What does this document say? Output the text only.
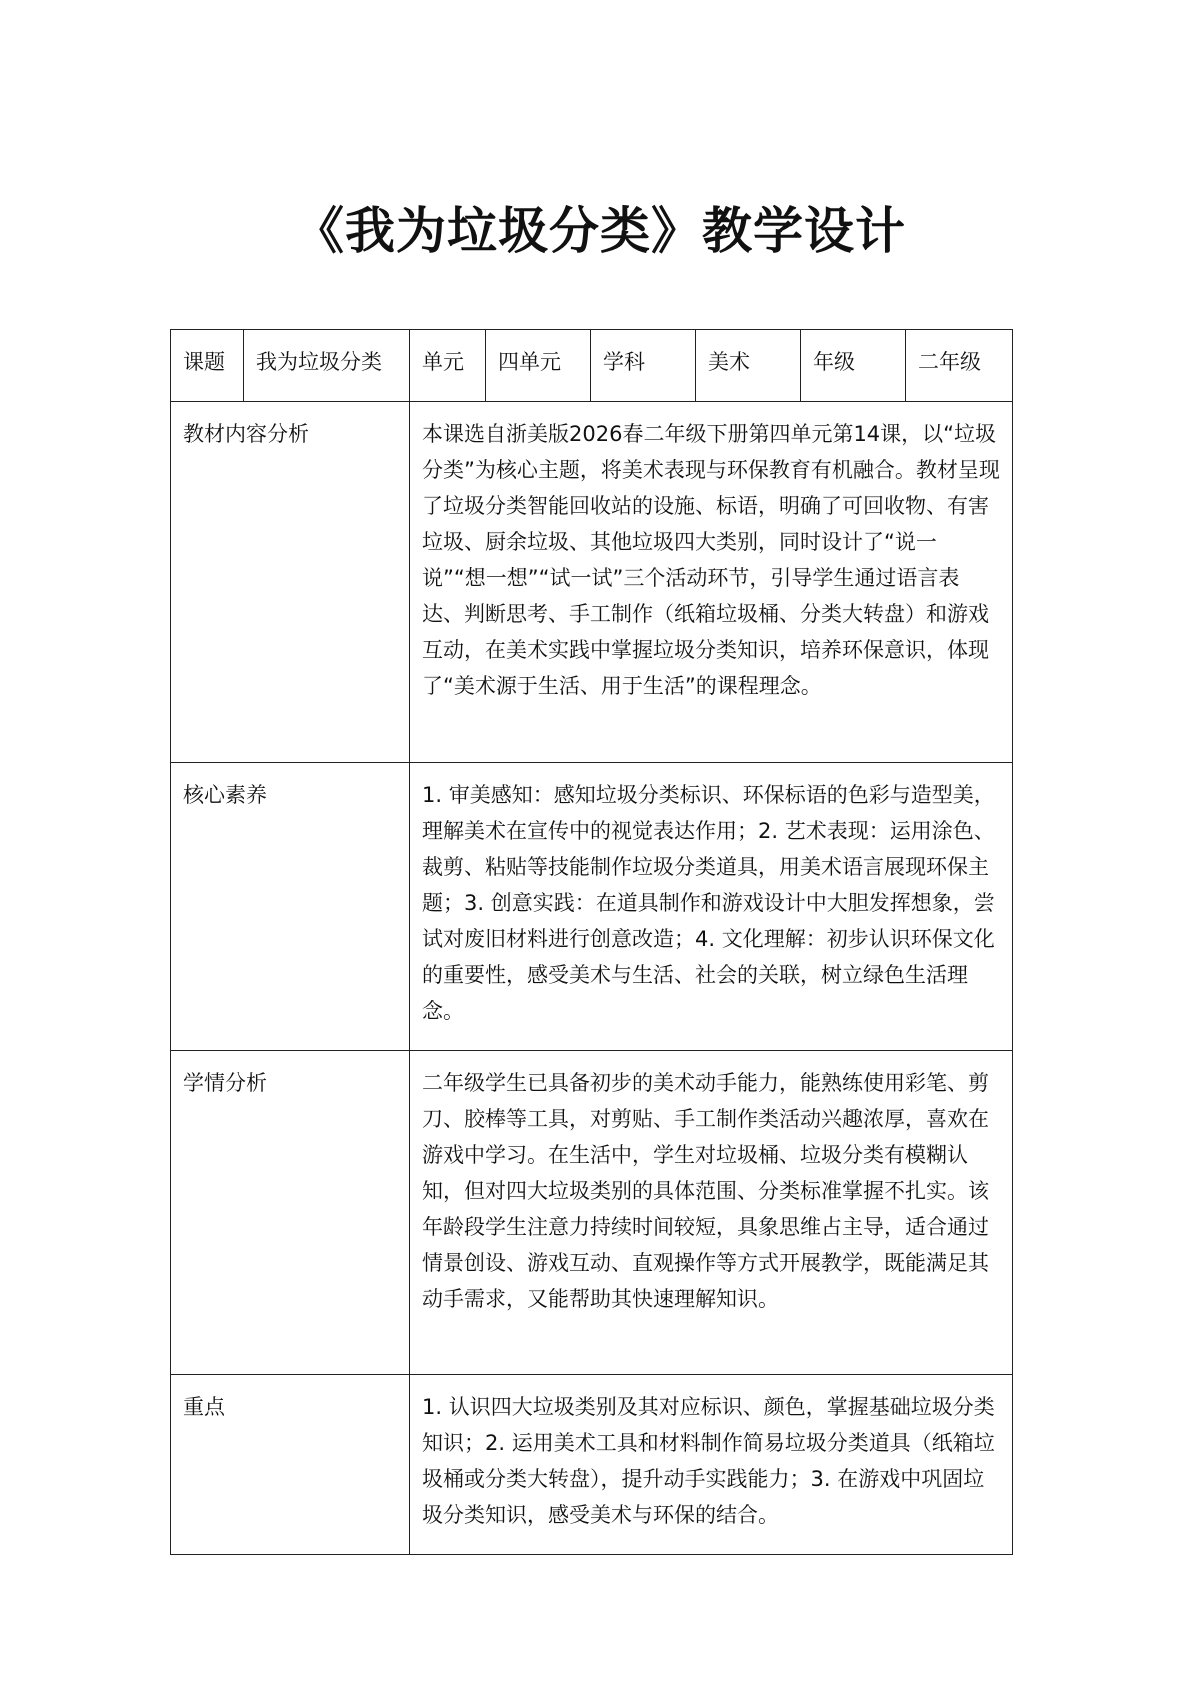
《我为垃圾分类》教学设计
课题	我为垃圾分类	单元	四单元	学科	美术	年级	二年级
教材内容分析		本课选自浙美版2026春二年级下册第四单元第14课，以“垃圾分类”为核心主题，将美术表现与环保教育有机融合。教材呈现了垃圾分类智能回收站的设施、标语，明确了可回收物、有害垃圾、厨余垃圾、其他垃圾四大类别，同时设计了“说一说”“想一想”“试一试”三个活动环节，引导学生通过语言表达、判断思考、手工制作（纸箱垃圾桶、分类大转盘）和游戏互动，在美术实践中掌握垃圾分类知识，培养环保意识，体现了“美术源于生活、用于生活”的课程理念。					
核心素养		1. 审美感知：感知垃圾分类标识、环保标语的色彩与造型美，理解美术在宣传中的视觉表达作用；2. 艺术表现：运用涂色、裁剪、粘贴等技能制作垃圾分类道具，用美术语言展现环保主题；3. 创意实践：在道具制作和游戏设计中大胆发挥想象，尝试对废旧材料进行创意改造；4. 文化理解：初步认识环保文化的重要性，感受美术与生活、社会的关联，树立绿色生活理念。					
学情分析		二年级学生已具备初步的美术动手能力，能熟练使用彩笔、剪刀、胶棒等工具，对剪贴、手工制作类活动兴趣浓厚，喜欢在游戏中学习。在生活中，学生对垃圾桶、垃圾分类有模糊认知，但对四大垃圾类别的具体范围、分类标准掌握不扎实。该年龄段学生注意力持续时间较短，具象思维占主导，适合通过情景创设、游戏互动、直观操作等方式开展教学，既能满足其动手需求，又能帮助其快速理解知识。					
重点		1. 认识四大垃圾类别及其对应标识、颜色，掌握基础垃圾分类知识；2. 运用美术工具和材料制作简易垃圾分类道具（纸箱垃圾桶或分类大转盘），提升动手实践能力；3. 在游戏中巩固垃圾分类知识，感受美术与环保的结合。					
